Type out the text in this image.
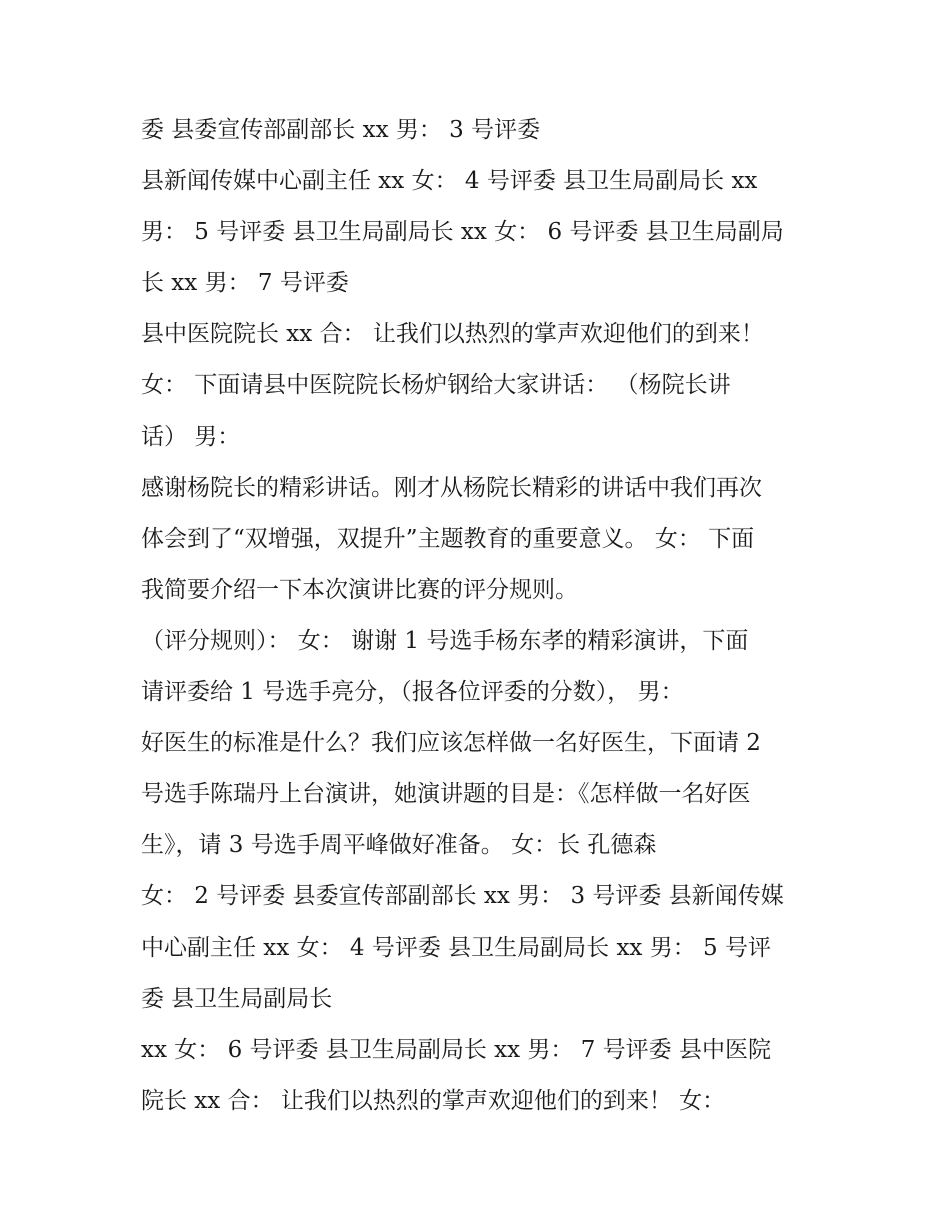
委 县委宣传部副部长 xx 男： 3 号评委
县新闻传媒中心副主任 xx 女： 4 号评委 县卫生局副局长 xx
男： 5 号评委 县卫生局副局长 xx 女： 6 号评委 县卫生局副局
长 xx 男： 7 号评委
县中医院院长 xx 合： 让我们以热烈的掌声欢迎他们的到来！
女： 下面请县中医院院长杨炉钢给大家讲话： （杨院长讲
话） 男：
感谢杨院长的精彩讲话。刚才从杨院长精彩的讲话中我们再次
体会到了“双增强，双提升”主题教育的重要意义。 女： 下面
我简要介绍一下本次演讲比赛的评分规则。
（评分规则）： 女： 谢谢 1 号选手杨东孝的精彩演讲，下面
请评委给 1 号选手亮分，（报各位评委的分数）， 男：
好医生的标准是什么？我们应该怎样做一名好医生，下面请 2
号选手陈瑞丹上台演讲，她演讲题的目是：《怎样做一名好医
生》，请 3 号选手周平峰做好准备。 女：长 孔德森
女： 2 号评委 县委宣传部副部长 xx 男： 3 号评委 县新闻传媒
中心副主任 xx 女： 4 号评委 县卫生局副局长 xx 男： 5 号评
委 县卫生局副局长
xx 女： 6 号评委 县卫生局副局长 xx 男： 7 号评委 县中医院
院长 xx 合： 让我们以热烈的掌声欢迎他们的到来！ 女：
